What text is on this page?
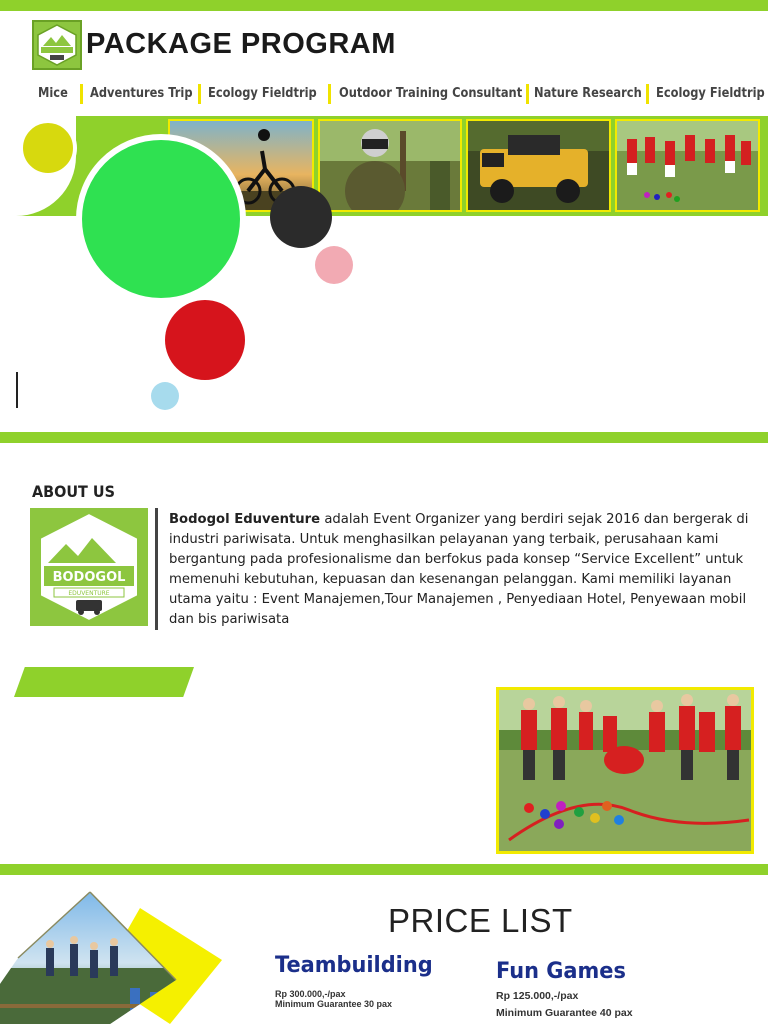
PACKAGE PROGRAM
Mice Adventures Trip Ecology Fieldtrip Outdoor Training Consultant Nature Research Ecology Fieldtrip
ABOUT US
BODOGOL
EDUVENTURE
Bodogol Eduventure adalah Event Organizer yang berdiri sejak 2016 dan bergerak di industri pariwisata. Untuk menghasilkan pelayanan yang terbaik, perusahaan kami bergantung pada profesionalisme dan berfokus pada konsep “Service Excellent” untuk memenuhi kebutuhan, kepuasan dan kesenangan pelanggan. Kami memiliki layanan utama yaitu : Event Manajemen,Tour Manajemen , Penyediaan Hotel, Penyewaan mobil dan bis pariwisata
PRICE LIST
Teambuilding
Rp 300.000,-/pax
Minimum Guarantee 30 pax
Fun Games
Rp 125.000,-/pax
Minimum Guarantee 40 pax
